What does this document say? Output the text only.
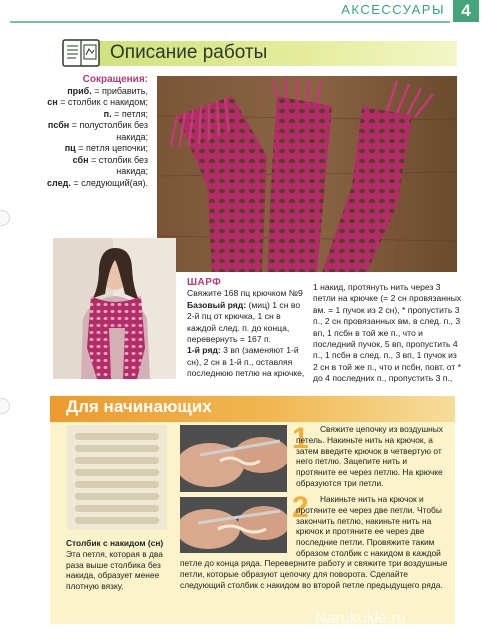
АКСЕССУАРЫ 4
Описание работы
Сокращения:
приб. = прибавить,
сн = столбик с накидом;
п. = петля;
псбн = полустолбик без накида;
пц = петля цепочки;
сбн = столбик без накида;
след. = следующий(ая).
ШАРФ
Свяжите 168 пц крючком №9
Базовый ряд: (миц) 1 сн во 2-й пц от крючка, 1 сн в каждой след. п. до конца, перевернуть = 167 п.
1-й ряд: 3 вп (заменяют 1-й сн), 2 сн в 1-й п., оставляя последнюю петлю на крючке,
1 накид, протянуть нить через 3 петли на крючке (= 2 сн провязанных вм. = 1 пучок из 2 сн), * пропустить 3 п., 2 сн провязанных вм. в след. п., 3 вп, 1 псбн в той же п., что и последний пучок, 5 вп, пропустить 4 п., 1 псбн в след. п., 3 вп, 1 пучок из 2 сн в той же п., что и псбн, повт. от * до 4 последних п., пропустить 3 п.,
Для начинающих
Столбик с накидом (сн)
Эта петля, которая в два раза выше столбика без накида, образует менее плотную вязку.
1	Свяжите цепочку из воздушных петель. Накиньте нить на крючок, а затем введите крючок в четвертую от него петлю. Зацепите нить и протяните ее через петлю. На крючке образуются три петли.
2	Накиньте нить на крючок и протяните ее через две петли. Чтобы закончить петлю, накиньте нить на крючок и протяните ее через две последние петли. Провяжите таким образом столбик с накидом в каждой
петле до конца ряда. Переверните работу и свяжите три воздушные петли, которые образуют цепочку для поворота. Сделайте следующий столбик с накидом во второй петле предыдущего ряда.
Narukukle.ru
